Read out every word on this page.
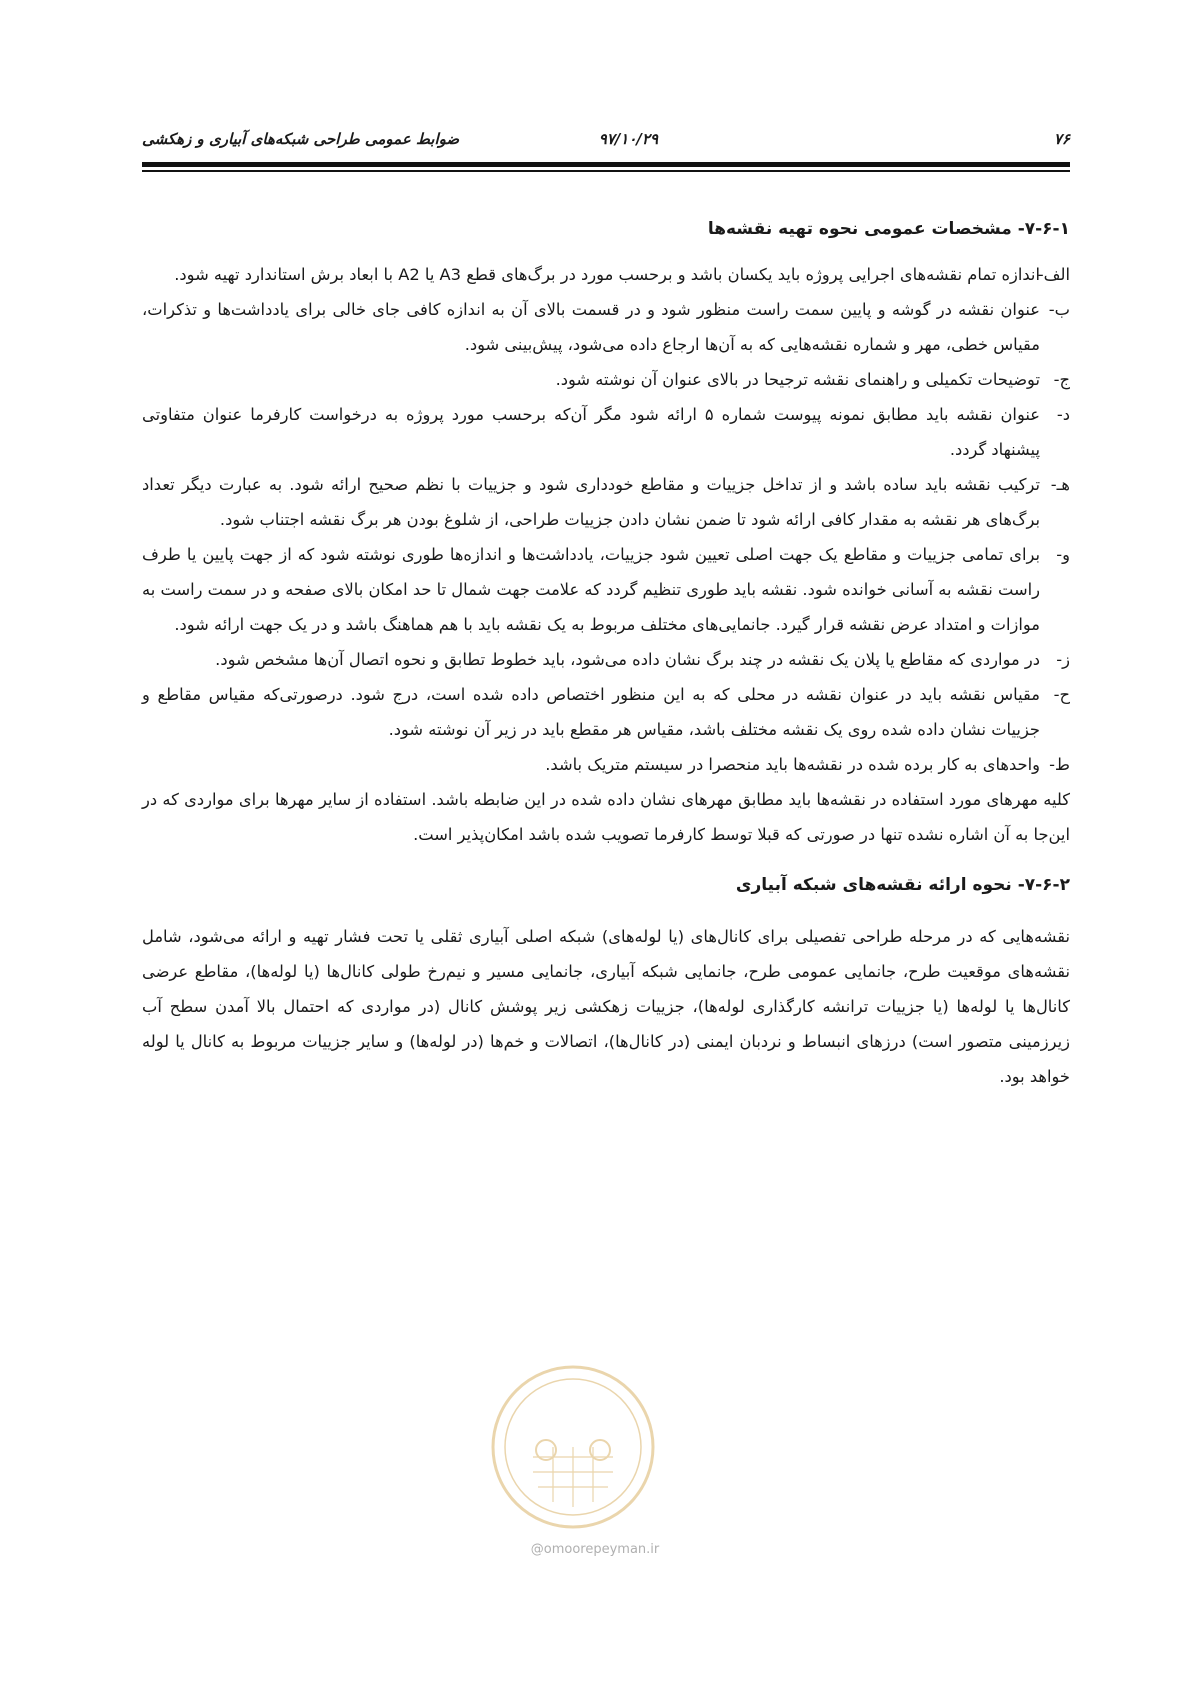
۷۶
۹۷/۱۰/۲۹
ضوابط عمومی طراحی شبکه‌های آبیاری و زهکشی
۷-۶-۱- مشخصات عمومی نحوه تهیه نقشه‌ها
الف-
اندازه تمام نقشه‌های اجرایی پروژه باید یکسان باشد و برحسب مورد در برگ‌های قطع A3 یا A2 با ابعاد برش استاندارد تهیه شود.
ب-
عنوان نقشه در گوشه و پایین سمت راست منظور شود و در قسمت بالای آن به اندازه کافی جای خالی برای یادداشت‌ها و تذکرات، مقیاس خطی، مهر و شماره نقشه‌هایی که به آن‌ها ارجاع داده می‌شود، پیش‌بینی شود.
ج-
توضیحات تکمیلی و راهنمای نقشه ترجیحا در بالای عنوان آن نوشته شود.
د-
عنوان نقشه باید مطابق نمونه پیوست شماره ۵ ارائه شود مگر آن‌که برحسب مورد پروژه به درخواست کارفرما عنوان متفاوتی پیشنهاد گردد.
هـ-
ترکیب نقشه باید ساده باشد و از تداخل جزییات و مقاطع خودداری شود و جزییات با نظم صحیح ارائه شود. به عبارت دیگر تعداد برگ‌های هر نقشه به مقدار کافی ارائه شود تا ضمن نشان دادن جزییات طراحی، از شلوغ بودن هر برگ نقشه اجتناب شود.
و-
برای تمامی جزییات و مقاطع یک جهت اصلی تعیین شود جزییات، یادداشت‌ها و اندازه‌ها طوری نوشته شود که از جهت پایین یا طرف راست نقشه به آسانی خوانده شود. نقشه باید طوری تنظیم گردد که علامت جهت شمال تا حد امکان بالای صفحه و در سمت راست به موازات و امتداد عرض نقشه قرار گیرد. جانمایی‌های مختلف مربوط به یک نقشه باید با هم هماهنگ باشد و در یک جهت ارائه شود.
ز-
در مواردی که مقاطع یا پلان یک نقشه در چند برگ نشان داده می‌شود، باید خطوط تطابق و نحوه اتصال آن‌ها مشخص شود.
ح-
مقیاس نقشه باید در عنوان نقشه در محلی که به این منظور اختصاص داده شده است، درج شود. درصورتی‌که مقیاس مقاطع و جزییات نشان داده شده روی یک نقشه مختلف باشد، مقیاس هر مقطع باید در زیر آن نوشته شود.
ط-
واحدهای به کار برده شده در نقشه‌ها باید منحصرا در سیستم متریک باشد.

کلیه مهرهای مورد استفاده در نقشه‌ها باید مطابق مهرهای نشان داده شده در این ضابطه باشد. استفاده از سایر مهرها برای مواردی که در این‌جا به آن اشاره نشده تنها در صورتی که قبلا توسط کارفرما تصویب شده باشد امکان‌پذیر است.

۷-۶-۲- نحوه ارائه نقشه‌های شبکه آبیاری

نقشه‌هایی که در مرحله طراحی تفصیلی برای کانال‌های (یا لوله‌های) شبکه اصلی آبیاری ثقلی یا تحت فشار تهیه و ارائه می‌شود، شامل نقشه‌های موقعیت طرح، جانمایی عمومی طرح، جانمایی شبکه آبیاری، جانمایی مسیر و نیم‌رخ طولی کانال‌ها (یا لوله‌ها)، مقاطع عرضی کانال‌ها یا لوله‌ها (یا جزییات ترانشه کارگذاری لوله‌ها)، جزییات زهکشی زیر پوشش کانال (در مواردی که احتمال بالا آمدن سطح آب زیرزمینی متصور است) درزهای انبساط و نردبان ایمنی (در کانال‌ها)، اتصالات و خم‌ها (در لوله‌ها) و سایر جزییات مربوط به کانال یا لوله خواهد بود.

@omoorepeyman.ir
